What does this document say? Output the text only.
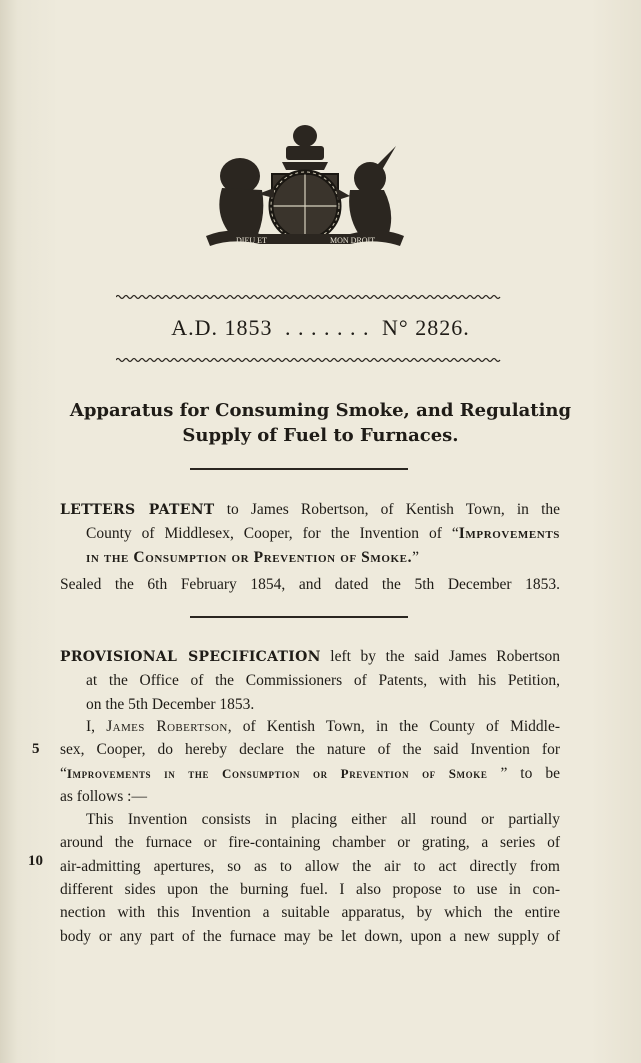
DIEU ET	MON DROIT
A.D. 1853 . . . . . . . N° 2826.
Apparatus for Consuming Smoke, and Regulating
Supply of Fuel to Furnaces.
LETTERS PATENT to James Robertson, of Kentish Town, in the
County of Middlesex, Cooper, for the Invention of “Improvements
in the Consumption or Prevention of Smoke.”
Sealed the 6th February 1854, and dated the 5th December 1853.
PROVISIONAL SPECIFICATION left by the said James Robertson
at the Office of the Commissioners of Patents, with his Petition,
on the 5th December 1853.
I, James Robertson, of Kentish Town, in the County of Middle-
sex, Cooper, do hereby declare the nature of the said Invention for
“Improvements in the Consumption or Prevention of Smoke ” to be
as follows :—
This Invention consists in placing either all round or partially
around the furnace or fire-containing chamber or grating, a series of
air-admitting apertures, so as to allow the air to act directly from
different sides upon the burning fuel. I also propose to use in con-
nection with this Invention a suitable apparatus, by which the entire
body or any part of the furnace may be let down, upon a new supply of
5
10
